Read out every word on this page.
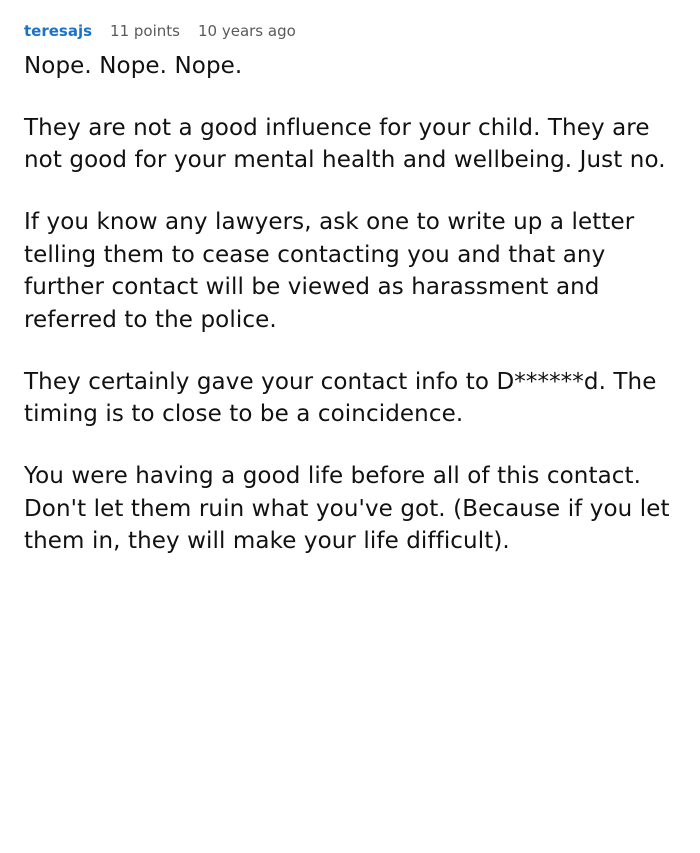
teresajs 11 points 10 years ago

Nope. Nope. Nope.

They are not a good influence for your child. They are not good for your mental health and wellbeing. Just no.

If you know any lawyers, ask one to write up a letter telling them to cease contacting you and that any further contact will be viewed as harassment and referred to the police.

They certainly gave your contact info to D******d. The timing is to close to be a coincidence.

You were having a good life before all of this contact. Don't let them ruin what you've got. (Because if you let them in, they will make your life difficult).
